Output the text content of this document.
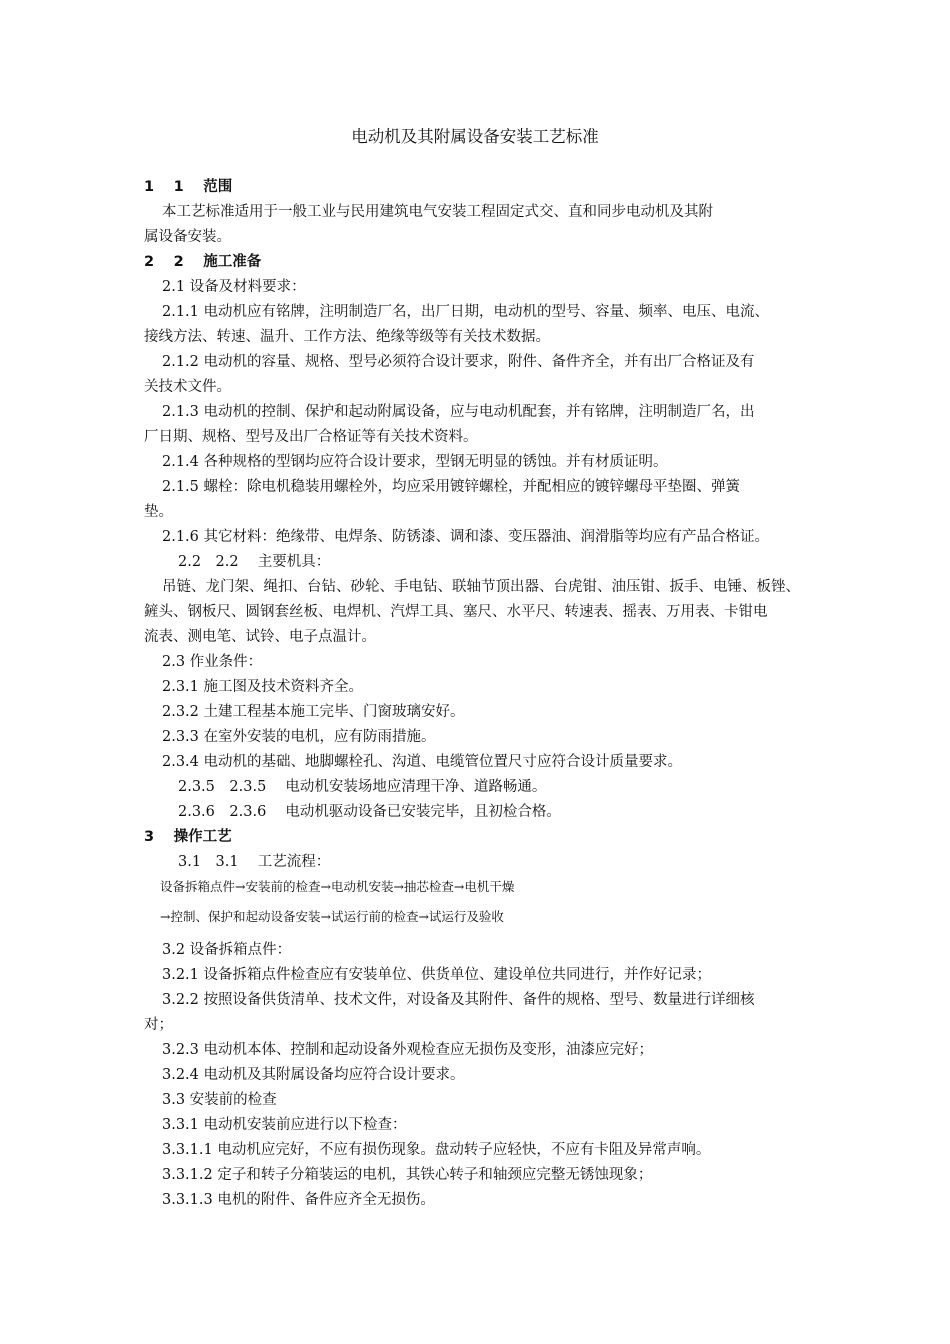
电动机及其附属设备安装工艺标准
1　 1　 范围
本工艺标准适用于一般工业与民用建筑电气安装工程固定式交、直和同步电动机及其附
属设备安装。
2　 2　 施工准备
2.1 设备及材料要求：
2.1.1 电动机应有铭牌，注明制造厂名，出厂日期，电动机的型号、容量、频率、电压、电流、
接线方法、转速、温升、工作方法、绝缘等级等有关技术数据。
2.1.2 电动机的容量、规格、型号必须符合设计要求，附件、备件齐全，并有出厂合格证及有
关技术文件。
2.1.3 电动机的控制、保护和起动附属设备，应与电动机配套，并有铭牌，注明制造厂名，出
厂日期、规格、型号及出厂合格证等有关技术资料。
2.1.4 各种规格的型钢均应符合设计要求，型钢无明显的锈蚀。并有材质证明。
2.1.5 螺栓：除电机稳装用螺栓外，均应采用镀锌螺栓，并配相应的镀锌螺母平垫圈、弹簧
垫。
2.1.6 其它材料：绝缘带、电焊条、防锈漆、调和漆、变压器油、润滑脂等均应有产品合格证。
2.2　2.2　 主要机具：
吊链、龙门架、绳扣、台钻、砂轮、手电钻、联轴节顶出器、台虎钳、油压钳、扳手、电锤、板锉、
鏟头、钢板尺、圆钢套丝板、电焊机、汽焊工具、塞尺、水平尺、转速表、摇表、万用表、卡钳电
流表、测电笔、试铃、电子点温计。
2.3 作业条件：
2.3.1 施工图及技术资料齐全。
2.3.2 土建工程基本施工完毕、门窗玻璃安好。
2.3.3 在室外安装的电机，应有防雨措施。
2.3.4 电动机的基础、地脚螺栓孔、沟道、电缆管位置尺寸应符合设计质量要求。
2.3.5　2.3.5　 电动机安装场地应清理干净、道路畅通。
2.3.6　2.3.6　 电动机驱动设备已安装完毕，且初检合格。
3　 操作工艺
3.1　3.1　 工艺流程：
设备拆箱点件→安装前的检查→电动机安装→抽芯检查→电机干燥
→控制、保护和起动设备安装→试运行前的检查→试运行及验收
3.2 设备拆箱点件：
3.2.1 设备拆箱点件检查应有安装单位、供货单位、建设单位共同进行，并作好记录；
3.2.2 按照设备供货清单、技术文件，对设备及其附件、备件的规格、型号、数量进行详细核
对；
3.2.3 电动机本体、控制和起动设备外观检查应无损伤及变形，油漆应完好；
3.2.4 电动机及其附属设备均应符合设计要求。
3.3 安装前的检查
3.3.1 电动机安装前应进行以下检查：
3.3.1.1 电动机应完好，不应有损伤现象。盘动转子应轻快，不应有卡阻及异常声响。
3.3.1.2 定子和转子分箱装运的电机，其铁心转子和轴颈应完整无锈蚀现象；
3.3.1.3 电机的附件、备件应齐全无损伤。
